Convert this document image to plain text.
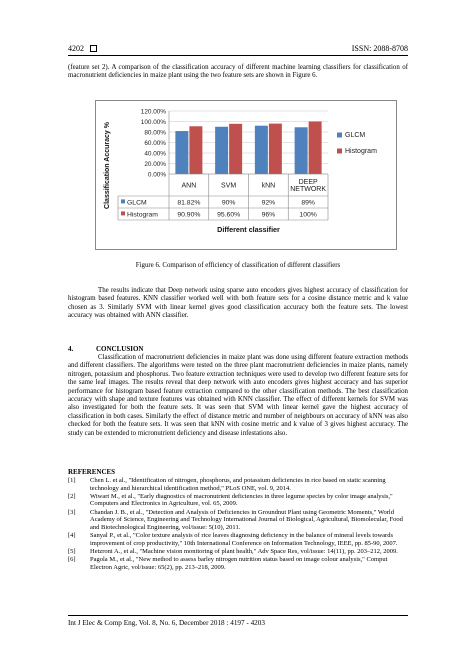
4202	ISSN: 2088-8708
(feature set 2). A comparison of the classification accuracy of different machine learning classifiers for classification of macronutrient deficiencies in maize plant using the two feature sets are shown in Figure 6.
0.00%
20.00%
40.00%
60.00%
80.00%
100.00%
120.00%
ANN	SVM	kNN
DEEP
NETWORK
GLCM	81.82%	90%	92%	89%
Histogram	90.90% 95.60%	96%	100%
Classification Accuracy %
Different classifier
GLCM
Histogram
Figure 6. Comparison of efficiency of classification of different classifiers
The results indicate that Deep network using sparse auto encoders gives highest accuracy of classification for histogram based features. KNN classifier worked well with both feature sets for a cosine distance metric and k value chosen as 3. Similarly SVM with linear kernel gives good classification accuracy both the feature sets. The lowest accuracy was obtained with ANN classifier.
4.	CONCLUSION
Classification of macronutrient deficiencies in maize plant was done using different feature extraction methods and different classifiers. The algorithms were tested on the three plant macronutrient deficiencies in maize plants, namely nitrogen, potassium and phosphorus. Two feature extraction techniques were used to develop two different feature sets for the same leaf images. The results reveal that deep network with auto encoders gives highest accuracy and has superior performance for histogram based feature extraction compared to the other classification methods. The best classification accuracy with shape and texture features was obtained with KNN classifier. The effect of different kernels for SVM was also investigated for both the feature sets. It was seen that SVM with linear kernel gave the highest accuracy of classification in both cases. Similarly the effect of distance metric and number of neighbours on accuracy of kNN was also checked for both the feature sets. It was seen that kNN with cosine metric and k value of 3 gives highest accuracy. The study can be extended to micronutrient deficiency and disease infestations also.
REFERENCES
[1]	Chen L. et al., "Identification of nitrogen, phosphorus, and potassium deficiencies in rice based on static scanning technology and hierarchical identification method," PLoS ONE, vol. 9, 2014.
[2]	Wiwart M., et al., "Early diagnostics of macronutrient deficiencies in three legume species by color image analysis," Computers and Electronics in Agriculture, vol. 65, 2009.
[3]	Chandan J. B., et al., "Detection and Analysis of Deficiencies in Groundnut Plant using Geometric Moments," World Academy of Science, Engineering and Technology International Journal of Biological, Agricultural, Biomolecular, Food and Biotechnological Engineering, vol/issue: 5(10), 2011.
[4]	Sanyal P., et al., "Color texture analysis of rice leaves diagnosing deficiency in the balance of mineral levels towards improvement of crop productivity," 10th International Conference on Information Technology, IEEE, pp. 85-90, 2007.
[5]	Hetzroni A., et al., "Machine vision monitoring of plant health," Adv Space Res, vol/issue: 14(11), pp. 203–212, 2009.
[6]	Pagola M., et al., "New method to assess barley nitrogen nutrition status based on image colour analysis," Comput Electron Agric, vol/issue: 65(2), pp. 213–218, 2009.
Int J Elec & Comp Eng, Vol. 8, No. 6, December 2018 : 4197 - 4203
